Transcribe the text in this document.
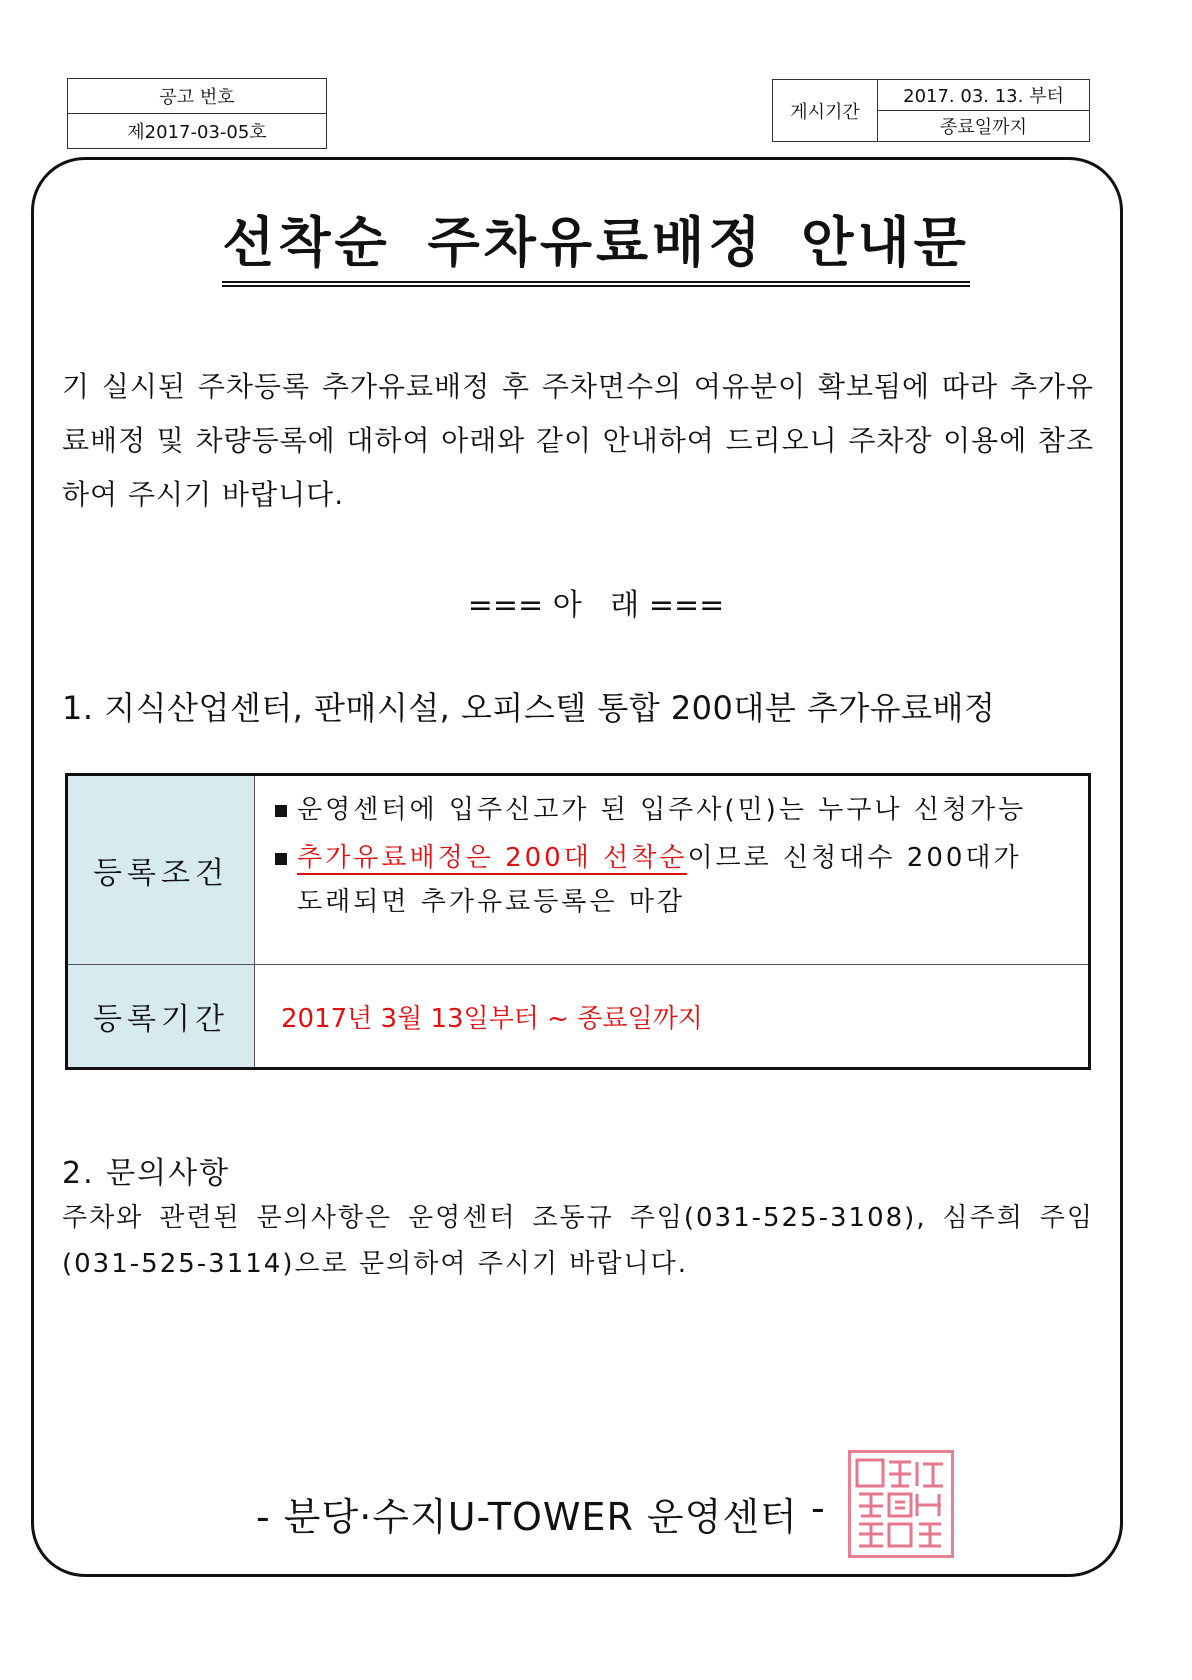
공고 번호
제2017-03-05호
게시기간	2017. 03. 13. 부터
종료일까지
선착순 주차유료배정 안내문

기 실시된 주차등록 추가유료배정 후 주차면수의 여유분이 확보됨에 따라 추가유료배정 및 차량등록에 대하여 아래와 같이 안내하여 드리오니 주차장 이용에 참조하여 주시기 바랍니다.

=== 아   래 ===

1. 지식산업센터, 판매시설, 오피스텔 통합 200대분 추가유료배정

등록조건	운영센터에 입주신고가 된 입주사(민)는 누구나 신청가능
추가유료배정은 200대 선착순이므로 신청대수 200대가
도래되면 추가유료등록은 마감

등록기간	2017년 3월 13일부터 ~ 종료일까지

2. 문의사항

주차와 관련된 문의사항은 운영센터 조동규 주임(031-525-3108), 심주희 주임(031-525-3114)으로 문의하여 주시기 바랍니다.

- 분당·수지U-TOWER 운영센터 -
